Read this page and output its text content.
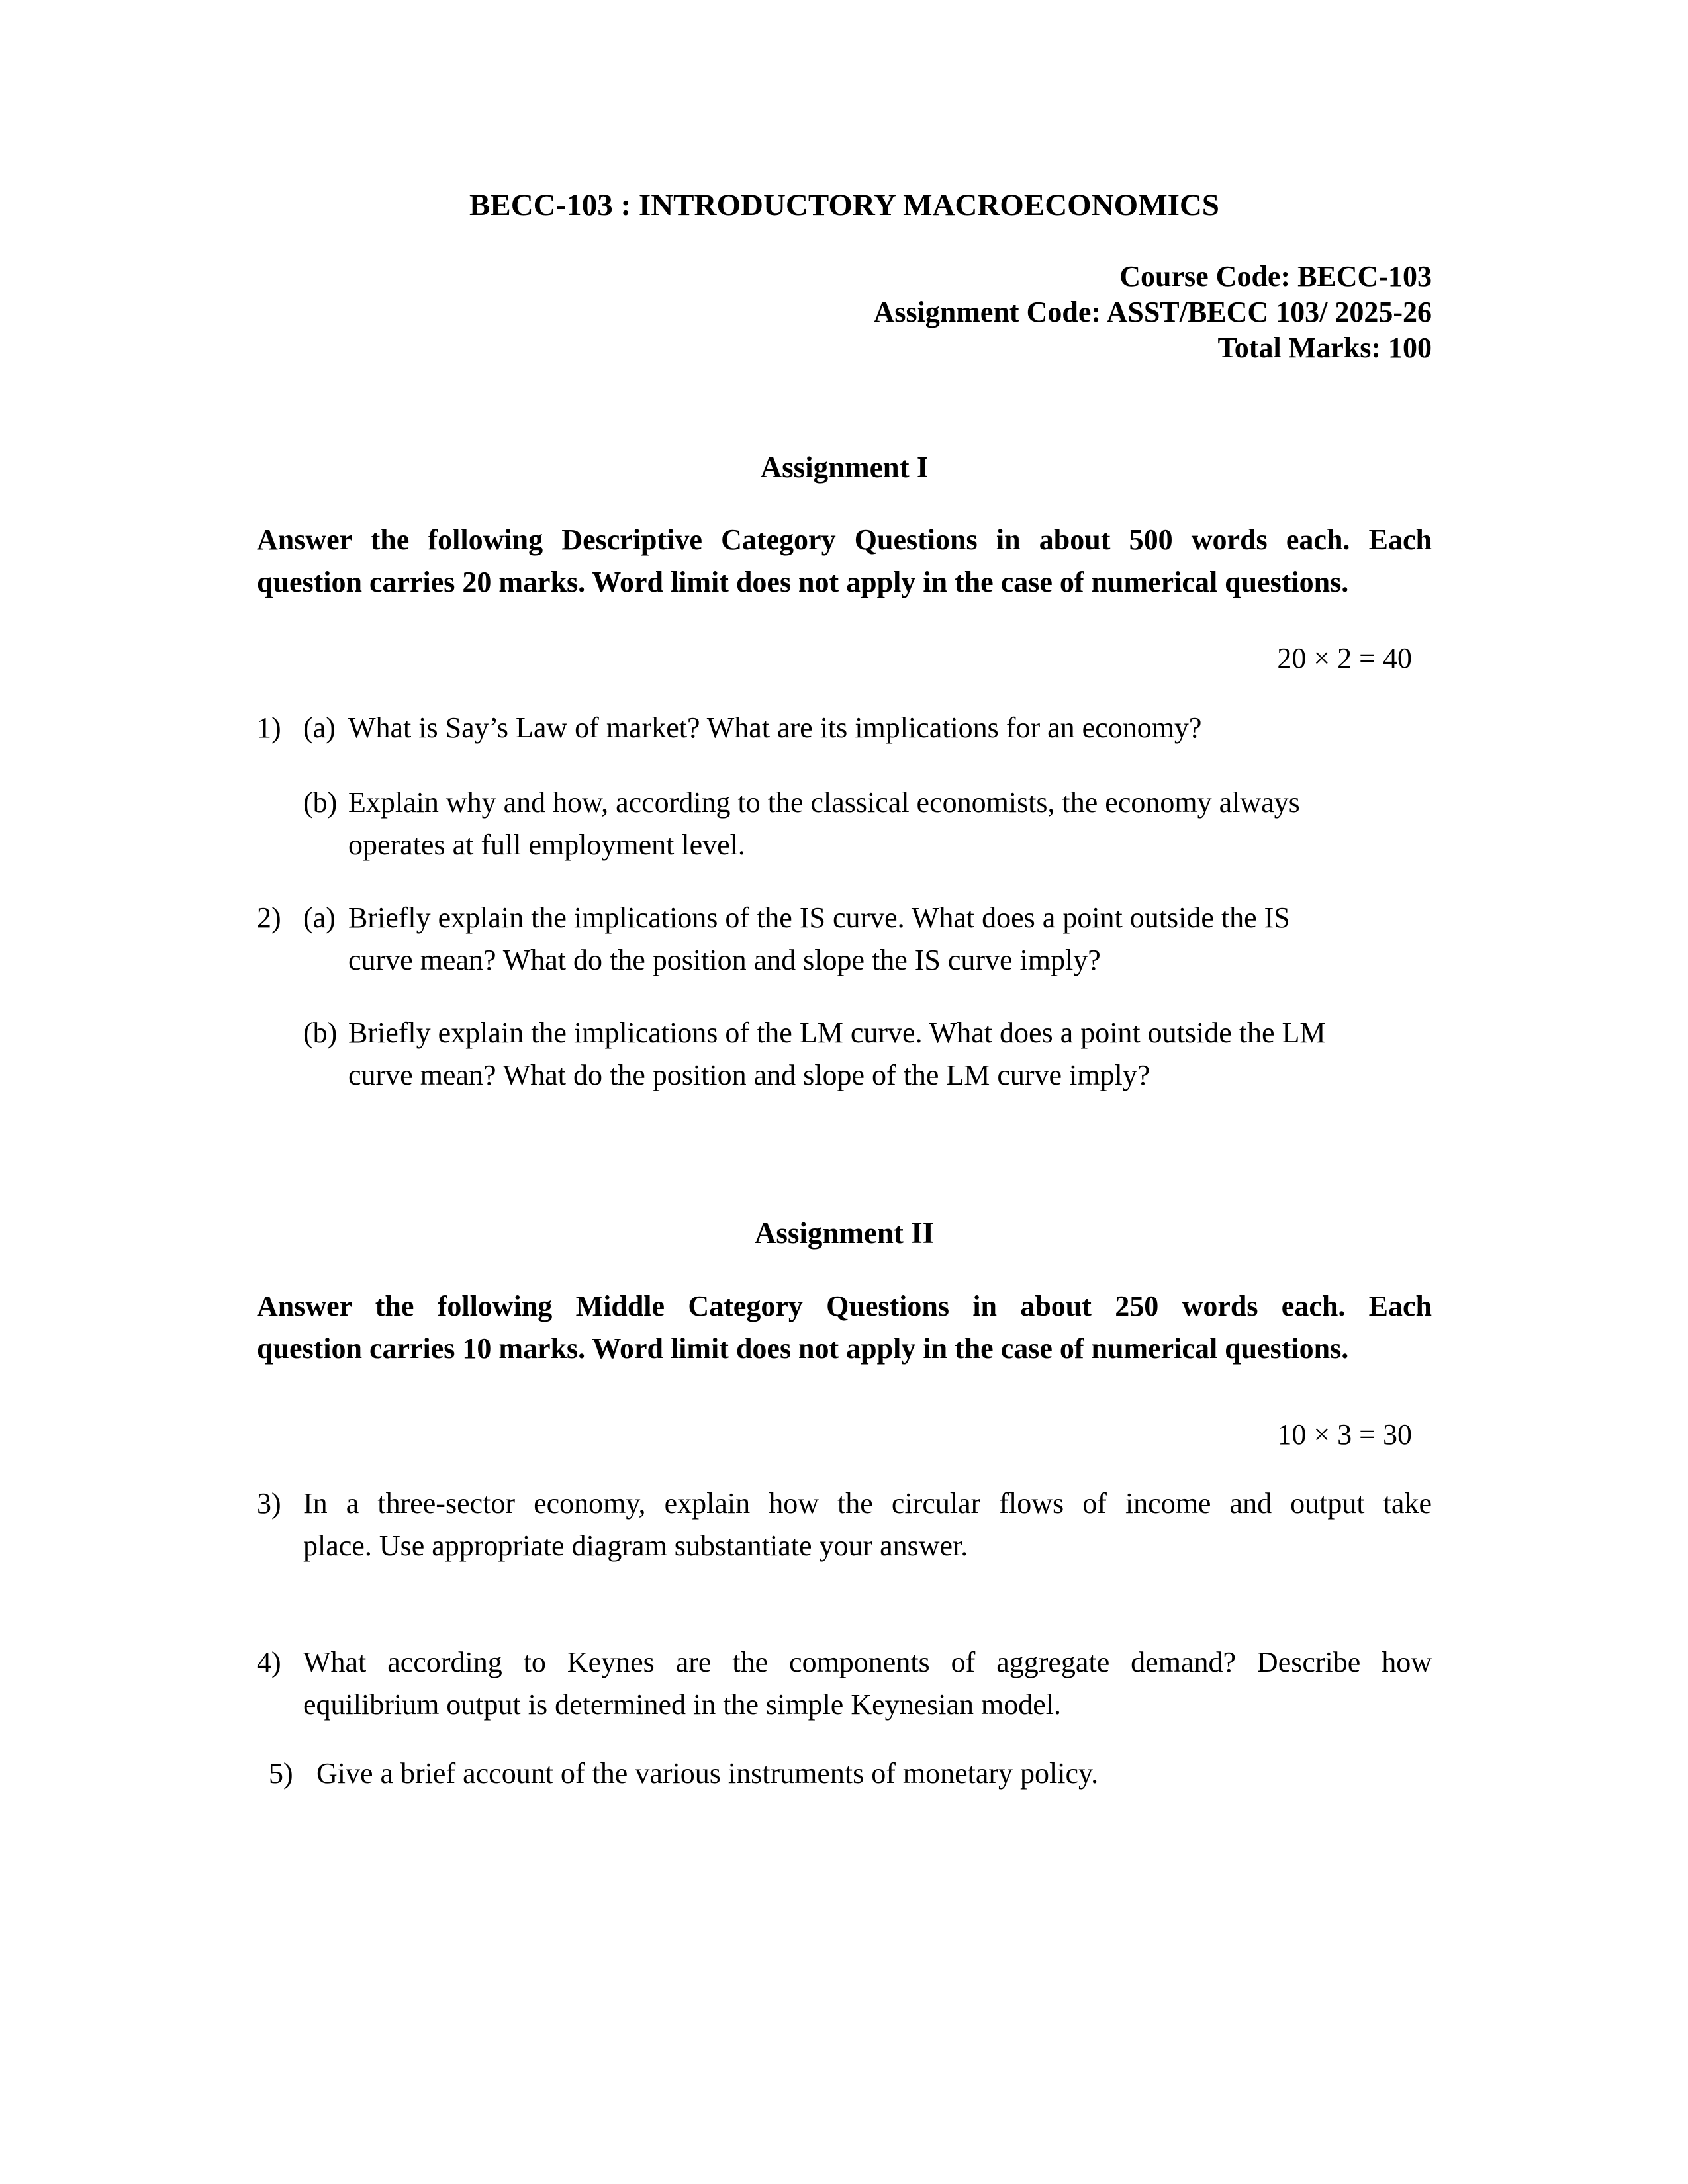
BECC-103 : INTRODUCTORY MACROECONOMICS
Course Code: BECC-103
Assignment Code: ASST/BECC 103/ 2025-26
Total Marks: 100
Assignment I
Answer the following Descriptive Category Questions in about 500 words each. Each
question carries 20 marks. Word limit does not apply in the case of numerical questions.
20 × 2 = 40
1) (a) What is Say’s Law of market? What are its implications for an economy?
(b) Explain why and how, according to the classical economists, the economy always
operates at full employment level.
2) (a) Briefly explain the implications of the IS curve. What does a point outside the IS
curve mean? What do the position and slope the IS curve imply?
(b) Briefly explain the implications of the LM curve. What does a point outside the LM
curve mean? What do the position and slope of the LM curve imply?
Assignment II
Answer the following Middle Category Questions in about 250 words each. Each
question carries 10 marks. Word limit does not apply in the case of numerical questions.
10 × 3 = 30
3) In a three-sector economy, explain how the circular flows of income and output take
place. Use appropriate diagram substantiate your answer.
4) What according to Keynes are the components of aggregate demand? Describe how
equilibrium output is determined in the simple Keynesian model.
5) Give a brief account of the various instruments of monetary policy.
